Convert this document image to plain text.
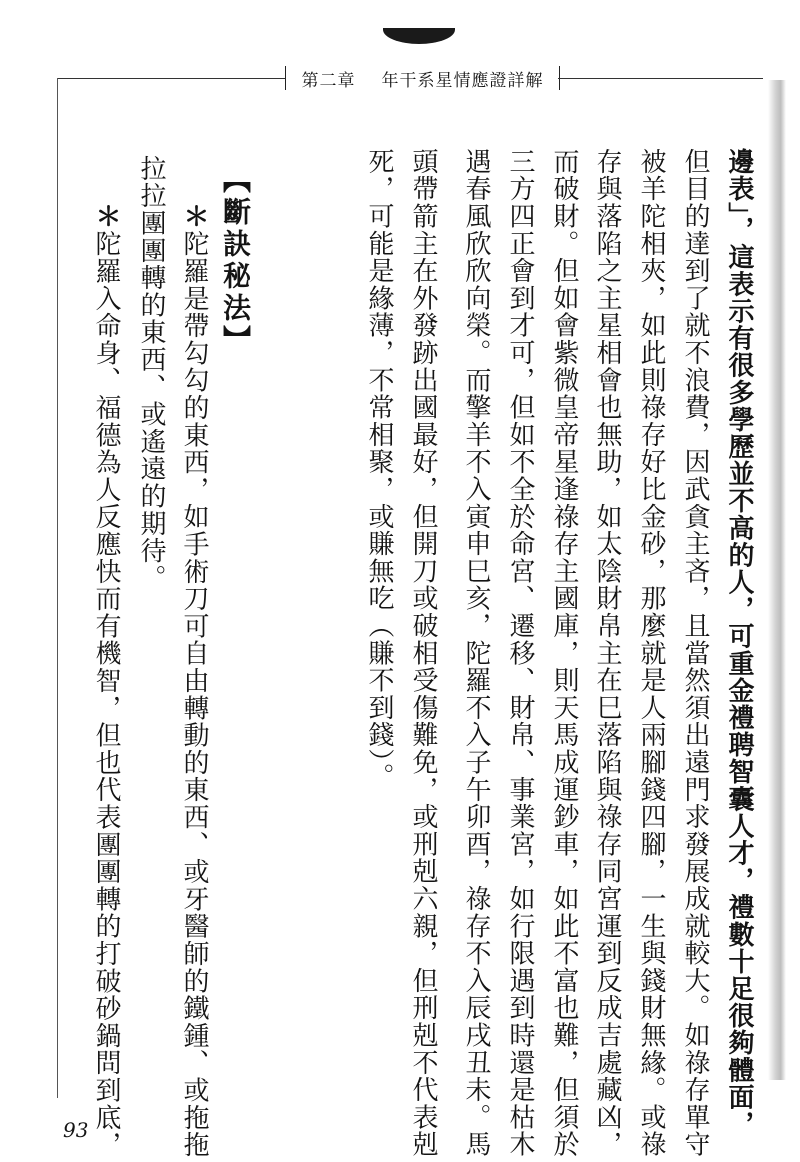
第二章 年干系星情應證詳解
邊表」，這表示有很多學歷並不高的人，可重金禮聘智囊人才，禮數十足很夠體面，
但目的達到了就不浪費，因武貪主吝，且當然須出遠門求發展成就較大。如祿存單守
被羊陀相夾，如此則祿存好比金砂，那麼就是人兩腳錢四腳，一生與錢財無緣。或祿
存與落陷之主星相會也無助，如太陰財帛主在巳落陷與祿存同宮運到反成吉處藏凶，
而破財。但如會紫微皇帝星逢祿存主國庫，則天馬成運鈔車，如此不富也難，但須於
三方四正會到才可，但如不全於命宮、遷移、財帛、事業宮，如行限遇到時還是枯木
遇春風欣欣向榮。而擎羊不入寅申巳亥，陀羅不入子午卯酉，祿存不入辰戌丑未。馬
頭帶箭主在外發跡出國最好，但開刀或破相受傷難免，或刑剋六親，但刑剋不代表剋
死，可能是緣薄，不常相聚，或賺無吃（賺不到錢）。
【斷訣秘法】
＊陀羅是帶勾勾的東西，如手術刀可自由轉動的東西、或牙醫師的鐵鍾、或拖拖
拉拉團團轉的東西、或遙遠的期待。
＊陀羅入命身、福德為人反應快而有機智，但也代表團團轉的打破砂鍋問到底，
93
